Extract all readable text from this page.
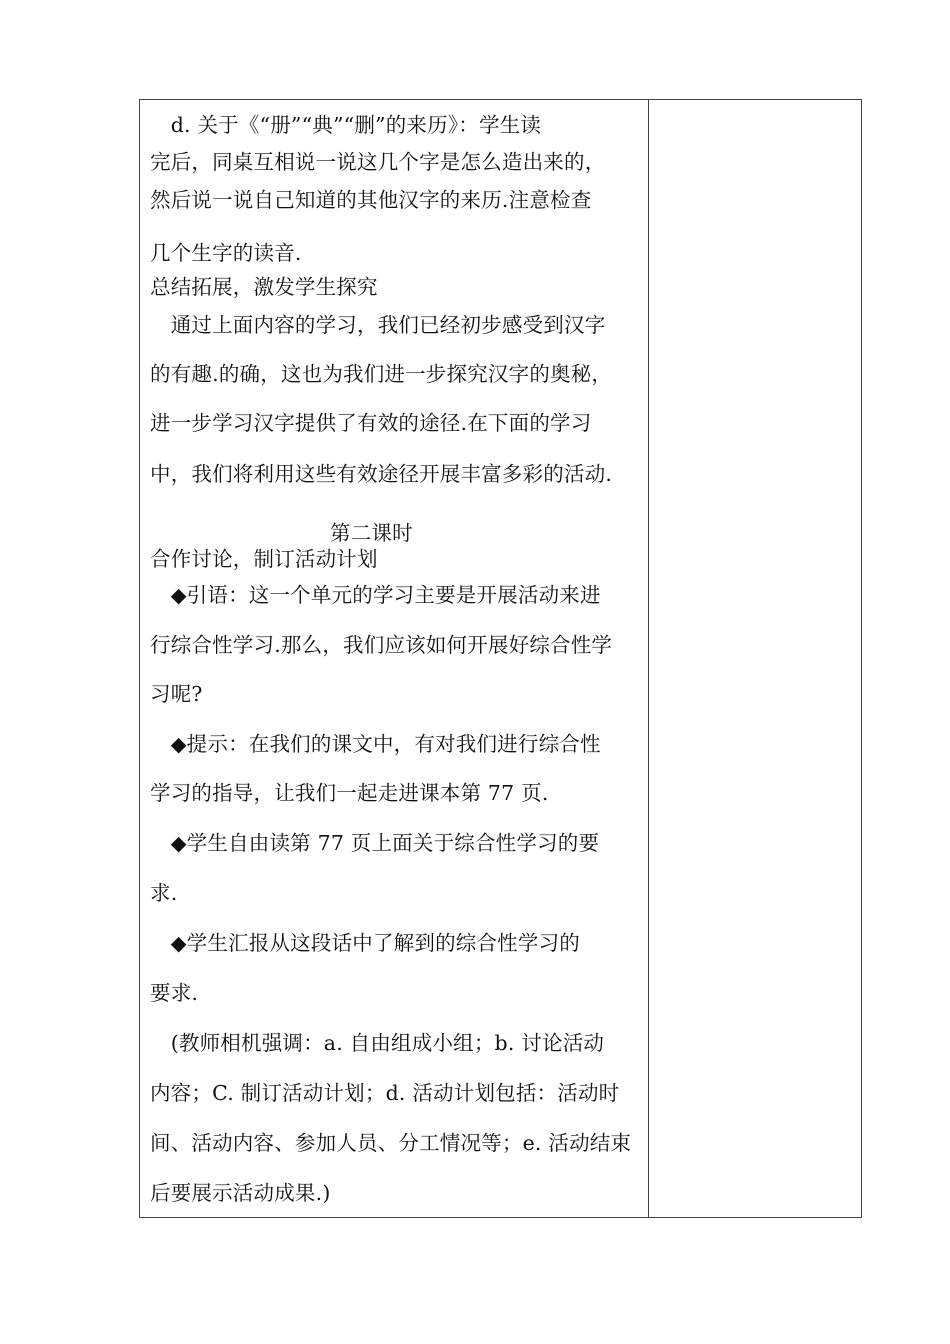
　d. 关于《“册”“典”“删”的来历》：学生读
完后，同桌互相说一说这几个字是怎么造出来的，
然后说一说自己知道的其他汉字的来历.注意检查
几个生字的读音.
总结拓展，激发学生探究
　通过上面内容的学习，我们已经初步感受到汉字
的有趣.的确，这也为我们进一步探究汉字的奥秘，
进一步学习汉字提供了有效的途径.在下面的学习
中，我们将利用这些有效途径开展丰富多彩的活动.
第二课时
合作讨论，制订活动计划
　◆引语：这一个单元的学习主要是开展活动来进
行综合性学习.那么，我们应该如何开展好综合性学
习呢?
　◆提示：在我们的课文中，有对我们进行综合性
学习的指导，让我们一起走进课本第 77 页.
　◆学生自由读第 77 页上面关于综合性学习的要
求.
　◆学生汇报从这段话中了解到的综合性学习的
要求.
　(教师相机强调：a. 自由组成小组；b. 讨论活动
内容；C. 制订活动计划；d. 活动计划包括：活动时
间、活动内容、参加人员、分工情况等；e. 活动结束
后要展示活动成果.)
